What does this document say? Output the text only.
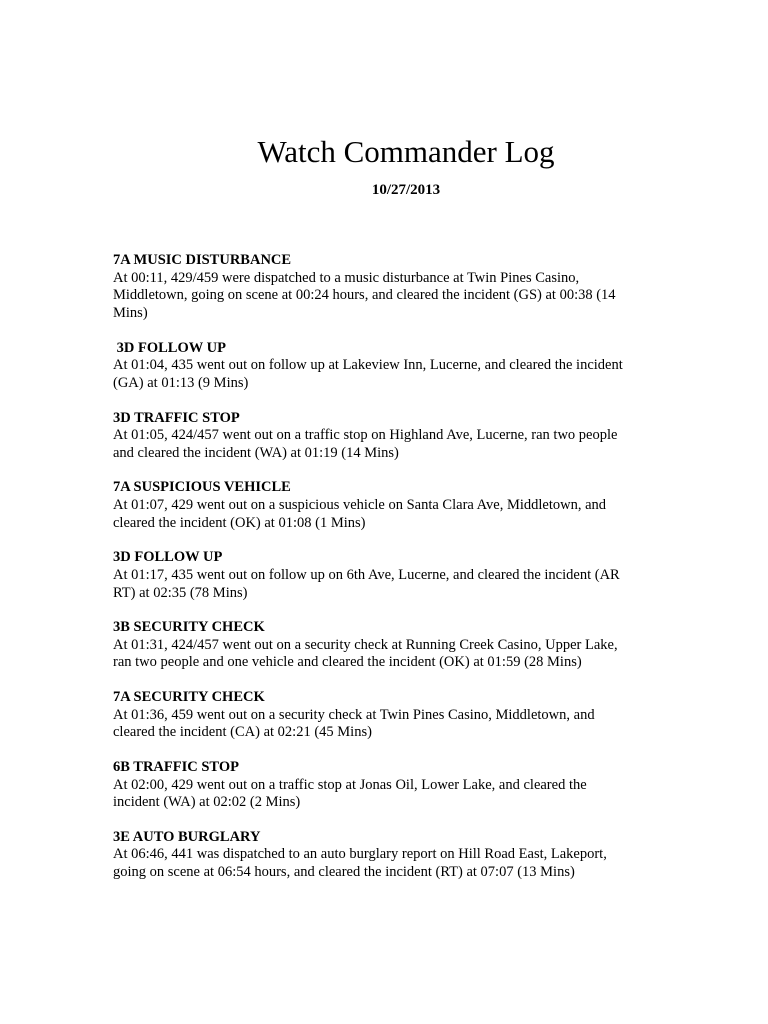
Watch Commander Log

10/27/2013

7A MUSIC DISTURBANCE

At 00:11, 429/459 were dispatched to a music disturbance at Twin Pines Casino,
Middletown, going on scene at 00:24 hours, and cleared the incident (GS) at 00:38 (14
Mins)

3D FOLLOW UP

At 01:04, 435 went out on follow up at Lakeview Inn, Lucerne, and cleared the incident
(GA) at 01:13 (9 Mins)

3D TRAFFIC STOP

At 01:05, 424/457 went out on a traffic stop on Highland Ave, Lucerne, ran two people
and cleared the incident (WA) at 01:19 (14 Mins)

7A SUSPICIOUS VEHICLE

At 01:07, 429 went out on a suspicious vehicle on Santa Clara Ave, Middletown, and
cleared the incident (OK) at 01:08 (1 Mins)

3D FOLLOW UP

At 01:17, 435 went out on follow up on 6th Ave, Lucerne, and cleared the incident (AR
RT) at 02:35 (78 Mins)

3B SECURITY CHECK

At 01:31, 424/457 went out on a security check at Running Creek Casino, Upper Lake,
ran two people and one vehicle and cleared the incident (OK) at 01:59 (28 Mins)

7A SECURITY CHECK

At 01:36, 459 went out on a security check at Twin Pines Casino, Middletown, and
cleared the incident (CA) at 02:21 (45 Mins)

6B TRAFFIC STOP

At 02:00, 429 went out on a traffic stop at Jonas Oil, Lower Lake, and cleared the
incident (WA) at 02:02 (2 Mins)

3E AUTO BURGLARY

At 06:46, 441 was dispatched to an auto burglary report on Hill Road East, Lakeport,
going on scene at 06:54 hours, and cleared the incident (RT) at 07:07 (13 Mins)
